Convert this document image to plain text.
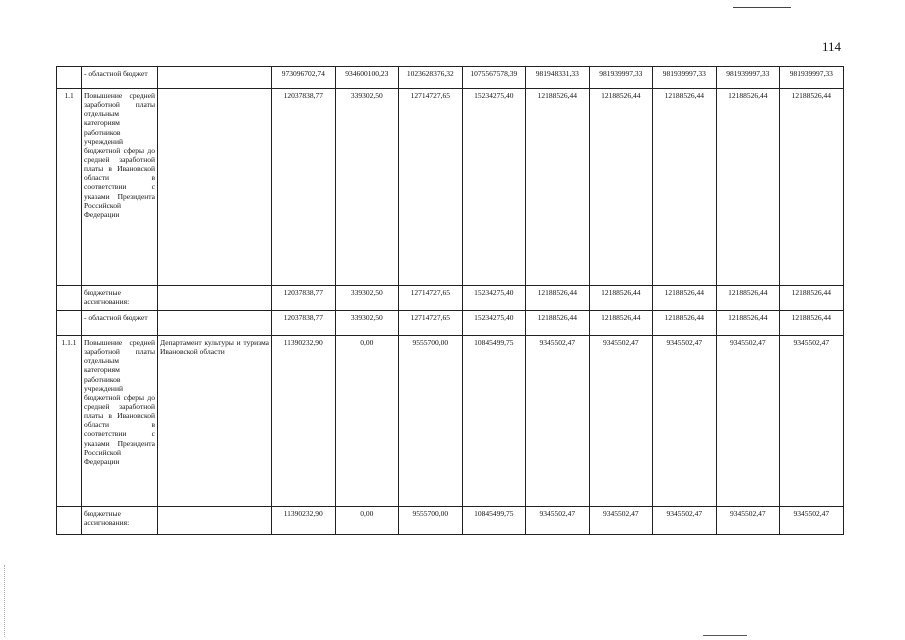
114
	- областной бюджет		973096702,74	934600100,23	1023628376,32	1075567578,39	981948331,33	981939997,33	981939997,33	981939997,33	981939997,33
1.1	Повышение средней заработной платы отдельным категориям работников учреждений бюджетной сферы до средней заработной платы в Ивановской области в соответствии с указами Президента Российской Федерации		12037838,77	339302,50	12714727,65	15234275,40	12188526,44	12188526,44	12188526,44	12188526,44	12188526,44
	бюджетные ассигнования:		12037838,77	339302,50	12714727,65	15234275,40	12188526,44	12188526,44	12188526,44	12188526,44	12188526,44
	- областной бюджет		12037838,77	339302,50	12714727,65	15234275,40	12188526,44	12188526,44	12188526,44	12188526,44	12188526,44
1.1.1	Повышение средней заработной платы отдельным категориям работников учреждений бюджетной сферы до средней заработной платы в Ивановской области в соответствии с указами Президента Российской Федерации	Департамент культуры и туризма Ивановской области	11390232,90	0,00	9555700,00	10845499,75	9345502,47	9345502,47	9345502,47	9345502,47	9345502,47
	бюджетные ассигнования:		11390232,90	0,00	9555700,00	10845499,75	9345502,47	9345502,47	9345502,47	9345502,47	9345502,47
